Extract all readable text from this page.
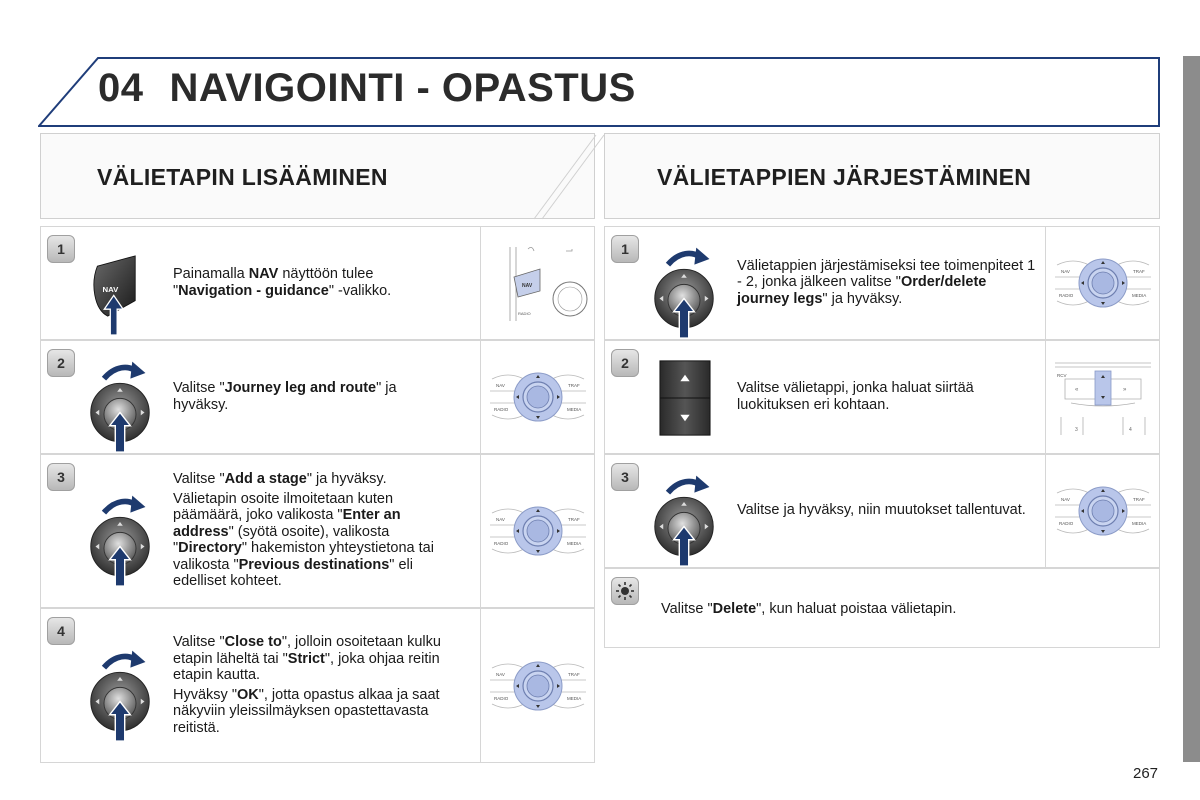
04 NAVIGOINTI - OPASTUS
VÄLIETAPIN LISÄÄMINEN	VÄLIETAPPIEN JÄRJESTÄMINEN
1
NAV

Painamalla NAV näyttöön tulee "Navigation - guidance" -valikko.	NAV
RADIO
2

Valitse "Journey leg and route" ja hyväksy.

NAV	TRAF
RADIO	MEDIA
3	Valitse "Add a stage" ja hyväksy.

Välietapin osoite ilmoitetaan kuten päämäärä, joko valikosta "Enter an address" (syötä osoite), valikosta "Directory" hakemiston yhteystietona tai valikosta "Previous destinations" eli edelliset kohteet.

NAV	TRAF
RADIO	MEDIA
4

Valitse "Close to", jolloin osoitetaan kulku etapin läheltä tai "Strict", joka ohjaa reitin etapin kautta.

Hyväksy "OK", jotta opastus alkaa ja saat näkyviin yleissilmäyksen opastettavasta reitistä.

NAV	TRAF
RADIO	MEDIA
1

Välietappien järjestämiseksi tee toimenpiteet 1 - 2, jonka jälkeen valitse "Order/delete journey legs" ja hyväksy.

NAV	TRAF
RADIO	MEDIA
2

Valitse välietappi, jonka haluat siirtää luokituksen eri kohtaan.

RCV
«	»
3	4
3

Valitse ja hyväksy, niin muutokset tallentuvat.

NAV	TRAF
RADIO	MEDIA

Valitse "Delete", kun haluat poistaa välietapin.

267
